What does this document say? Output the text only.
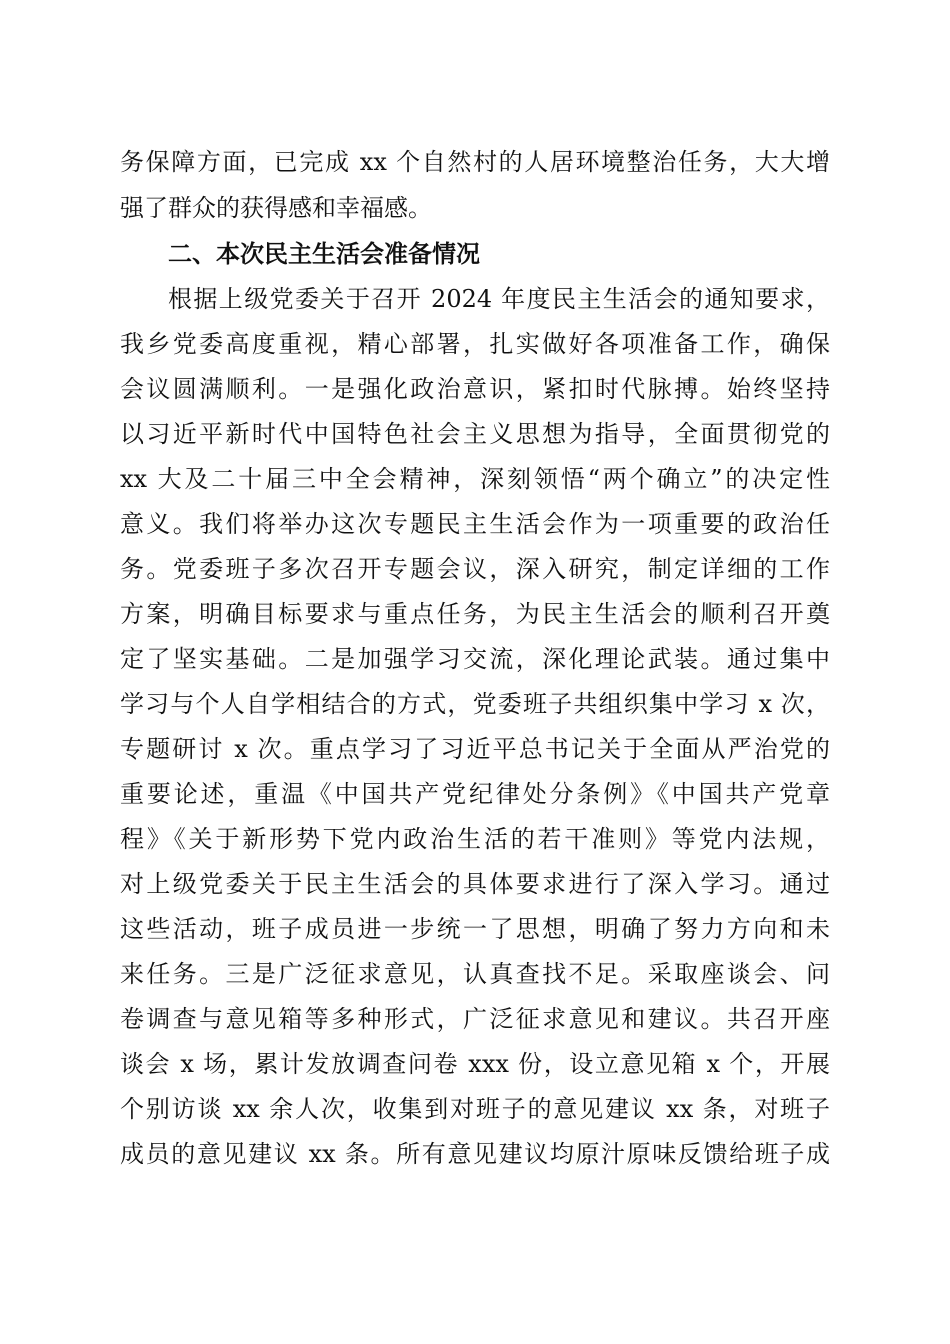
务保障方面，已完成 xx 个自然村的人居环境整治任务，大大增
强了群众的获得感和幸福感。
二、本次民主生活会准备情况
根据上级党委关于召开 2024 年度民主生活会的通知要求，
我乡党委高度重视，精心部署，扎实做好各项准备工作，确保
会议圆满顺利。一是强化政治意识，紧扣时代脉搏。始终坚持
以习近平新时代中国特色社会主义思想为指导，全面贯彻党的
xx 大及二十届三中全会精神，深刻领悟“两个确立”的决定性
意义。我们将举办这次专题民主生活会作为一项重要的政治任
务。党委班子多次召开专题会议，深入研究，制定详细的工作
方案，明确目标要求与重点任务，为民主生活会的顺利召开奠
定了坚实基础。二是加强学习交流，深化理论武装。通过集中
学习与个人自学相结合的方式，党委班子共组织集中学习 x 次，
专题研讨 x 次。重点学习了习近平总书记关于全面从严治党的
重要论述，重温《中国共产党纪律处分条例》《中国共产党章
程》《关于新形势下党内政治生活的若干准则》等党内法规，
对上级党委关于民主生活会的具体要求进行了深入学习。通过
这些活动，班子成员进一步统一了思想，明确了努力方向和未
来任务。三是广泛征求意见，认真查找不足。采取座谈会、问
卷调查与意见箱等多种形式，广泛征求意见和建议。共召开座
谈会 x 场，累计发放调查问卷 xxx 份，设立意见箱 x 个，开展
个别访谈 xx 余人次，收集到对班子的意见建议 xx 条，对班子
成员的意见建议 xx 条。所有意见建议均原汁原味反馈给班子成
